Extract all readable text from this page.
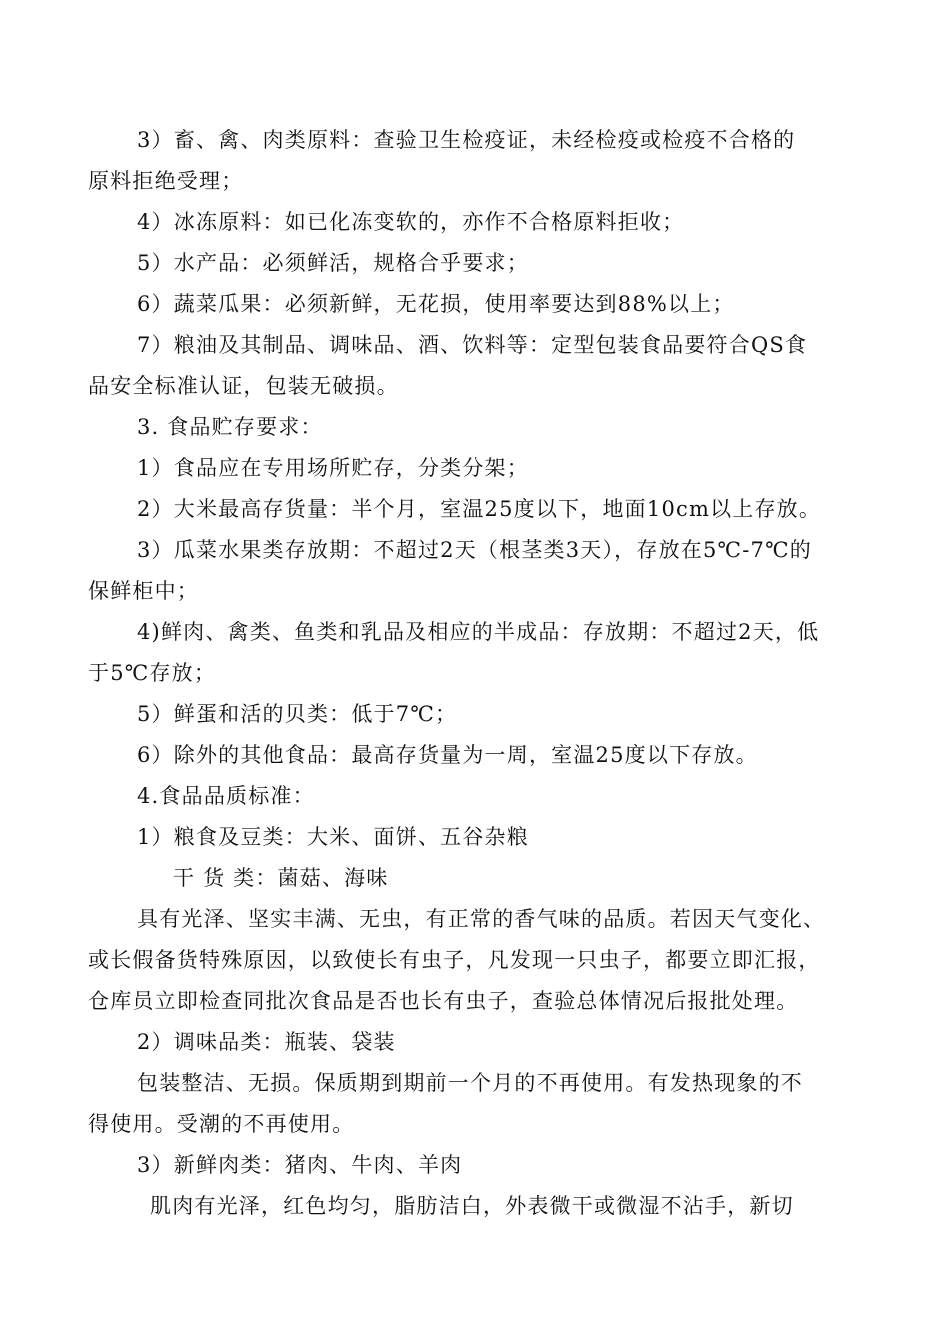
3）畜、禽、肉类原料：查验卫生检疫证，未经检疫或检疫不合格的
原料拒绝受理；
4）冰冻原料：如已化冻变软的，亦作不合格原料拒收；
5）水产品：必须鲜活，规格合乎要求；
6）蔬菜瓜果：必须新鲜，无花损，使用率要达到88%以上；
7）粮油及其制品、调味品、酒、饮料等：定型包装食品要符合QS食
品安全标准认证，包装无破损。
3. 食品贮存要求：
1）食品应在专用场所贮存，分类分架；
2）大米最高存货量：半个月，室温25度以下，地面10cm以上存放。
3）瓜菜水果类存放期：不超过2天（根茎类3天），存放在5℃-7℃的
保鲜柜中；
4)鲜肉、禽类、鱼类和乳品及相应的半成品：存放期：不超过2天，低
于5℃存放；
5）鲜蛋和活的贝类：低于7℃；
6）除外的其他食品：最高存货量为一周，室温25度以下存放。
4.食品品质标准：
1）粮食及豆类：大米、面饼、五谷杂粮
干 货 类：菌菇、海味
具有光泽、坚实丰满、无虫，有正常的香气味的品质。若因天气变化、
或长假备货特殊原因，以致使长有虫子，凡发现一只虫子，都要立即汇报，
仓库员立即检查同批次食品是否也长有虫子，查验总体情况后报批处理。
2）调味品类：瓶装、袋装
包装整洁、无损。保质期到期前一个月的不再使用。有发热现象的不
得使用。受潮的不再使用。
3）新鲜肉类：猪肉、牛肉、羊肉
肌肉有光泽，红色均匀，脂肪洁白，外表微干或微湿不沾手，新切
